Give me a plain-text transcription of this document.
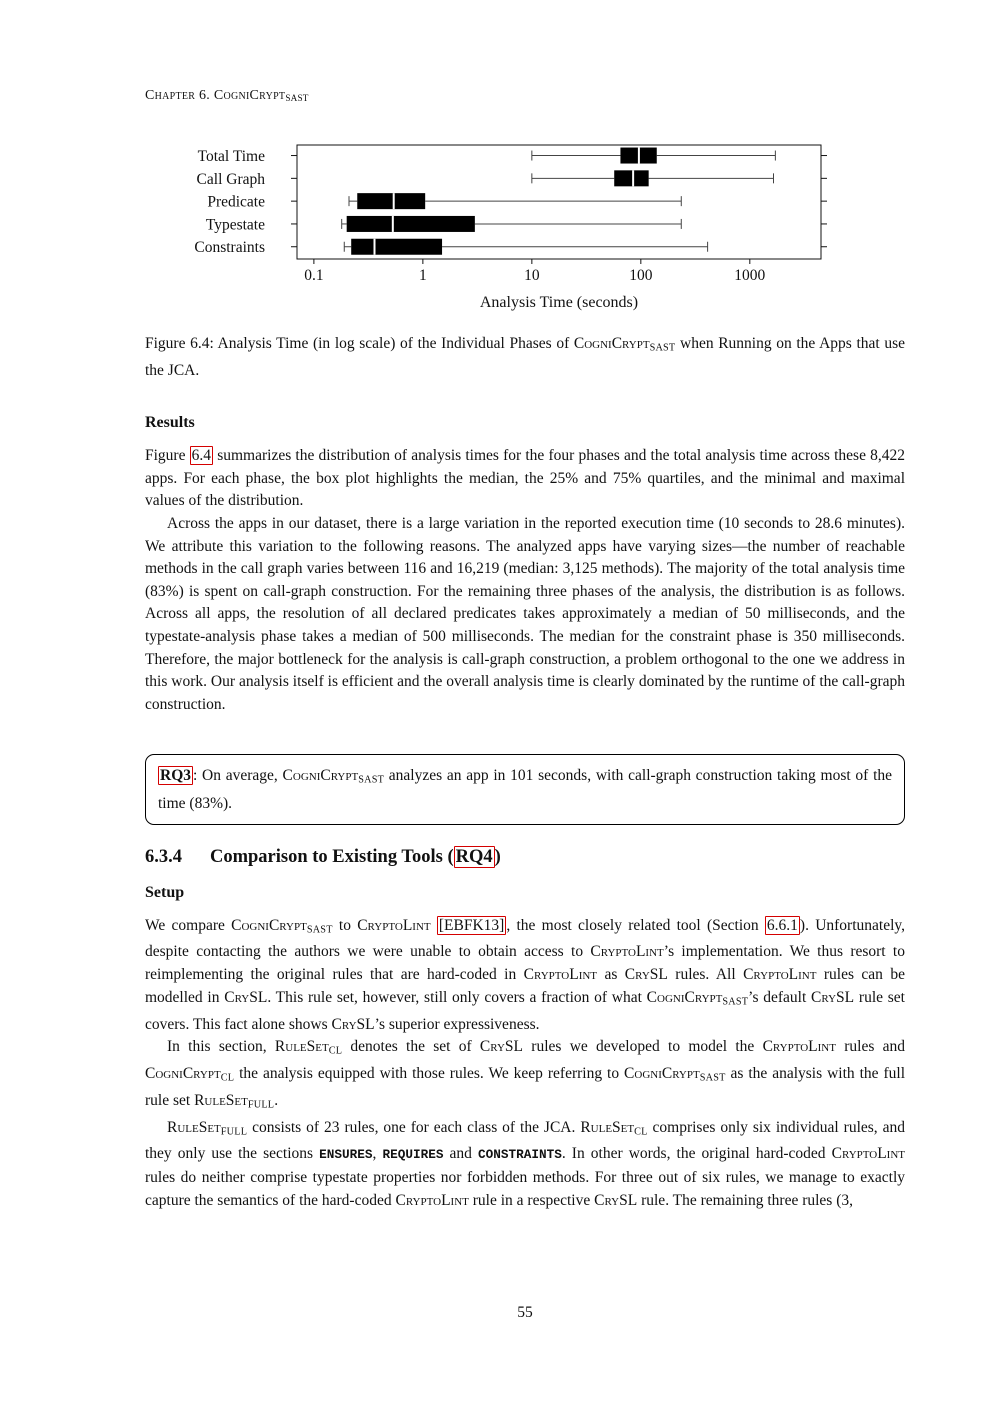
Chapter 6. CogniCryptSAST
Total Time
Call Graph
Predicate
Typestate
Constraints
0.1	1	10	100	1000
Analysis Time (seconds)
Figure 6.4: Analysis Time (in log scale) of the Individual Phases of CogniCryptSAST when Running on the Apps that use the JCA.
Results

Figure 6.4 summarizes the distribution of analysis times for the four phases and the total analysis time across these 8,422 apps. For each phase, the box plot highlights the median, the 25% and 75% quartiles, and the minimal and maximal values of the distribution.

Across the apps in our dataset, there is a large variation in the reported execution time (10 seconds to 28.6 minutes). We attribute this variation to the following reasons. The analyzed apps have varying sizes—the number of reachable methods in the call graph varies between 116 and 16,219 (median: 3,125 methods). The majority of the total analysis time (83%) is spent on call-graph construction. For the remaining three phases of the analysis, the distribution is as follows. Across all apps, the resolution of all declared predicates takes approximately a median of 50 milliseconds, and the typestate-analysis phase takes a median of 500 milliseconds. The median for the constraint phase is 350 milliseconds. Therefore, the major bottleneck for the analysis is call-graph construction, a problem orthogonal to the one we address in this work. Our analysis itself is efficient and the overall analysis time is clearly dominated by the runtime of the call-graph construction.

RQ3 : On average, CogniCryptSAST analyzes an app in 101 seconds, with call-graph construction taking most of the time (83%).
6.3.4 Comparison to Existing Tools ( RQ4 )
Setup

We compare CogniCryptSAST to CryptoLint [EBFK13] , the most closely related tool (Section 6.6.1 ). Unfortunately, despite contacting the authors we were unable to obtain access to CryptoLint’s implementation. We thus resort to reimplementing the original rules that are hard-coded in CryptoLint as CrySL rules. All CryptoLint rules can be modelled in CrySL. This rule set, however, still only covers a fraction of what CogniCryptSAST’s default CrySL rule set covers. This fact alone shows CrySL’s superior expressiveness.

In this section, RuleSetCL denotes the set of CrySL rules we developed to model the CryptoLint rules and CogniCryptCL the analysis equipped with those rules. We keep referring to CogniCryptSAST as the analysis with the full rule set RuleSetFULL.

RuleSetFULL consists of 23 rules, one for each class of the JCA. RuleSetCL comprises only six individual rules, and they only use the sections ENSURES, REQUIRES and CONSTRAINTS. In other words, the original hard-coded CryptoLint rules do neither comprise typestate properties nor forbidden methods. For three out of six rules, we manage to exactly capture the semantics of the hard-coded CryptoLint rule in a respective CrySL rule. The remaining three rules (3,

55
